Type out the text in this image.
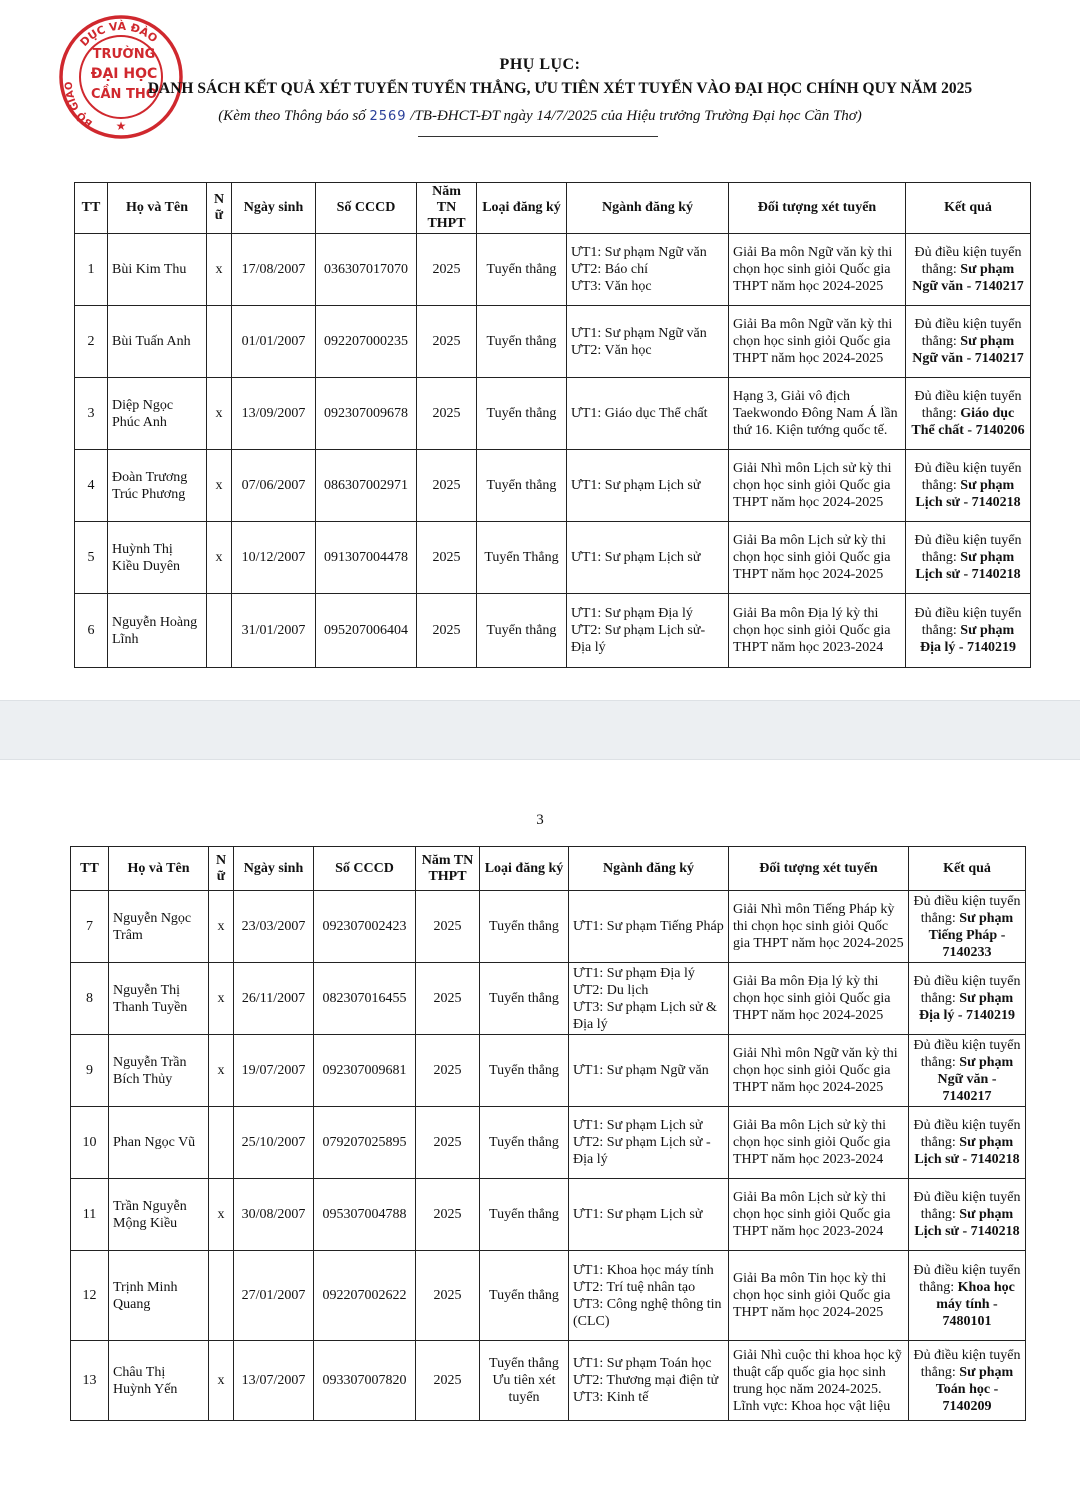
DỤC VÀ ĐÀO
BỘ GIÁO
TRƯỜNG
ĐẠI HỌC
CẦN THƠ
★
PHỤ LỤC:
DANH SÁCH KẾT QUẢ XÉT TUYỂN TUYỂN THẲNG, ƯU TIÊN XÉT TUYỂN VÀO ĐẠI HỌC CHÍNH QUY NĂM 2025
(Kèm theo Thông báo số 2569 /TB-ĐHCT-ĐT ngày 14/7/2025 của Hiệu trưởng Trường Đại học Cần Thơ)
TT	Họ và Tên	N ữ	Ngày sinh	Số CCCD	Năm TN THPT	Loại đăng ký	Ngành đăng ký	Đối tượng xét tuyển	Kết quả
1	Bùi Kim Thu	x	17/08/2007	036307017070	2025	Tuyển thẳng	ƯT1: Sư phạm Ngữ văn
ƯT2: Báo chí
ƯT3: Văn học	Giải Ba môn Ngữ văn kỳ thi chọn học sinh giỏi Quốc gia THPT năm học 2024-2025	Đủ điều kiện tuyển thẳng: Sư phạm Ngữ văn - 7140217
2	Bùi Tuấn Anh		01/01/2007	092207000235	2025	Tuyển thẳng	ƯT1: Sư phạm Ngữ văn
ƯT2: Văn học	Giải Ba môn Ngữ văn kỳ thi chọn học sinh giỏi Quốc gia THPT năm học 2024-2025	Đủ điều kiện tuyển thẳng: Sư phạm Ngữ văn - 7140217
3	Diệp Ngọc Phúc Anh	x	13/09/2007	092307009678	2025	Tuyển thẳng	ƯT1: Giáo dục Thể chất	Hạng 3, Giải vô địch Taekwondo Đông Nam Á lần thứ 16. Kiện tướng quốc tế.	Đủ điều kiện tuyển thẳng: Giáo dục Thể chất - 7140206
4	Đoàn Trương Trúc Phương	x	07/06/2007	086307002971	2025	Tuyển thẳng	ƯT1: Sư phạm Lịch sử	Giải Nhì môn Lịch sử kỳ thi chọn học sinh giỏi Quốc gia THPT năm học 2024-2025	Đủ điều kiện tuyển thẳng: Sư phạm Lịch sử - 7140218
5	Huỳnh Thị Kiều Duyên	x	10/12/2007	091307004478	2025	Tuyển Thẳng	ƯT1: Sư phạm Lịch sử	Giải Ba môn Lịch sử kỳ thi chọn học sinh giỏi Quốc gia THPT năm học 2024-2025	Đủ điều kiện tuyển thẳng: Sư phạm Lịch sử - 7140218
6	Nguyễn Hoàng Lĩnh		31/01/2007	095207006404	2025	Tuyển thẳng	ƯT1: Sư phạm Địa lý
ƯT2: Sư phạm Lịch sử-Địa lý	Giải Ba môn Địa lý kỳ thi chọn học sinh giỏi Quốc gia THPT năm học 2023-2024	Đủ điều kiện tuyển thẳng: Sư phạm Địa lý - 7140219
3
TT	Họ và Tên	N ữ	Ngày sinh	Số CCCD	Năm TN THPT	Loại đăng ký	Ngành đăng ký	Đối tượng xét tuyển	Kết quả
7	Nguyễn Ngọc Trâm	x	23/03/2007	092307002423	2025	Tuyển thẳng	ƯT1: Sư phạm Tiếng Pháp	Giải Nhì môn Tiếng Pháp kỳ thi chọn học sinh giỏi Quốc gia THPT năm học 2024-2025	Đủ điều kiện tuyển thẳng: Sư phạm Tiếng Pháp - 7140233
8	Nguyễn Thị Thanh Tuyền	x	26/11/2007	082307016455	2025	Tuyển thẳng	ƯT1: Sư phạm Địa lý
ƯT2: Du lịch
ƯT3: Sư phạm Lịch sử & Địa lý	Giải Ba môn Địa lý kỳ thi chọn học sinh giỏi Quốc gia THPT năm học 2024-2025	Đủ điều kiện tuyển thẳng: Sư phạm Địa lý - 7140219
9	Nguyễn Trần Bích Thủy	x	19/07/2007	092307009681	2025	Tuyển thẳng	ƯT1: Sư phạm Ngữ văn	Giải Nhì môn Ngữ văn kỳ thi chọn học sinh giỏi Quốc gia THPT năm học 2024-2025	Đủ điều kiện tuyển thẳng: Sư phạm Ngữ văn - 7140217
10	Phan Ngọc Vũ		25/10/2007	079207025895	2025	Tuyển thẳng	ƯT1: Sư phạm Lịch sử
ƯT2: Sư phạm Lịch sử - Địa lý	Giải Ba môn Lịch sử kỳ thi chọn học sinh giỏi Quốc gia THPT năm học 2023-2024	Đủ điều kiện tuyển thẳng: Sư phạm Lịch sử - 7140218
11	Trần Nguyễn Mộng Kiều	x	30/08/2007	095307004788	2025	Tuyển thẳng	ƯT1: Sư phạm Lịch sử	Giải Ba môn Lịch sử kỳ thi chọn học sinh giỏi Quốc gia THPT năm học 2023-2024	Đủ điều kiện tuyển thẳng: Sư phạm Lịch sử - 7140218
12	Trịnh Minh Quang		27/01/2007	092207002622	2025	Tuyển thẳng	ƯT1: Khoa học máy tính
ƯT2: Trí tuệ nhân tạo
ƯT3: Công nghệ thông tin (CLC)	Giải Ba môn Tin học kỳ thi chọn học sinh giỏi Quốc gia THPT năm học 2024-2025	Đủ điều kiện tuyển thẳng: Khoa học máy tính - 7480101
13	Châu Thị Huỳnh Yến	x	13/07/2007	093307007820	2025	Tuyển thẳng Ưu tiên xét tuyển	ƯT1: Sư phạm Toán học
ƯT2: Thương mại điện tử
ƯT3: Kinh tế	Giải Nhì cuộc thi khoa học kỹ thuật cấp quốc gia học sinh trung học năm 2024-2025. Lĩnh vực: Khoa học vật liệu	Đủ điều kiện tuyển thẳng: Sư phạm Toán học - 7140209
